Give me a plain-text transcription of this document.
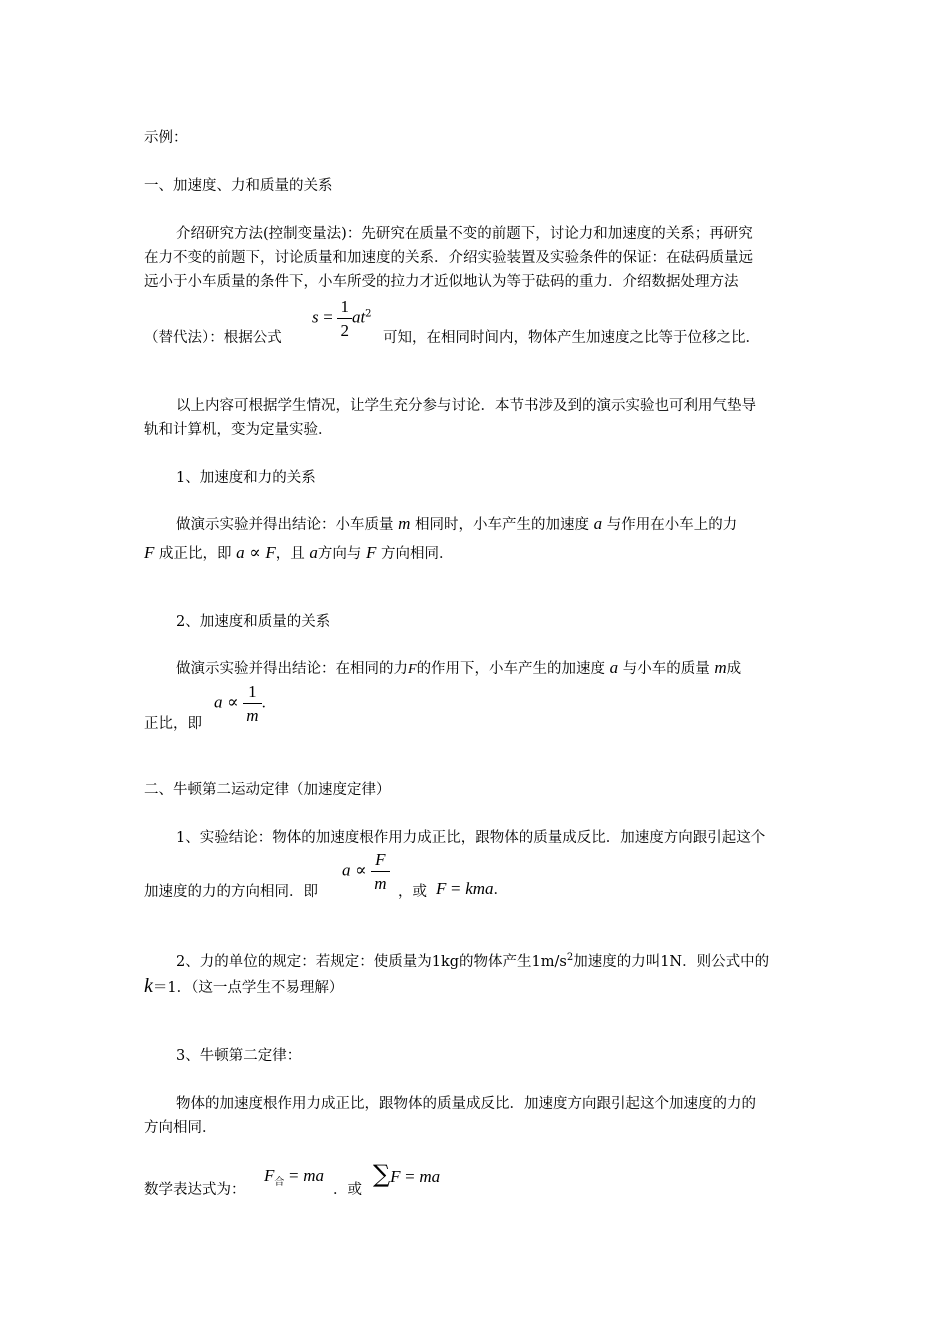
示例：
一、加速度、力和质量的关系
介绍研究方法(控制变量法)：先研究在质量不变的前题下，讨论力和加速度的关系；再研究
在力不变的前题下，讨论质量和加速度的关系．介绍实验装置及实验条件的保证：在砝码质量远
远小于小车质量的条件下，小车所受的拉力才近似地认为等于砝码的重力．介绍数据处理方法
（替代法）：根据公式
$s = \frac{1}{2} at^2$
可知，在相同时间内，物体产生加速度之比等于位移之比．
以上内容可根据学生情况，让学生充分参与讨论．本节书涉及到的演示实验也可利用气垫导
轨和计算机，变为定量实验．
1、加速度和力的关系
做演示实验并得出结论：小车质量 m 相同时，小车产生的加速度 a 与作用在小车上的力
F 成正比，即 a ∝ F，且 a方向与 F 方向相同．
2、加速度和质量的关系
做演示实验并得出结论：在相同的力F的作用下，小车产生的加速度 a 与小车的质量 m成
正比，即
$a \propto \frac{1}{m}$ ．
二、牛顿第二运动定律（加速度定律）
1、实验结论：物体的加速度根作用力成正比，跟物体的质量成反比．加速度方向跟引起这个
加速度的力的方向相同．即
$a \propto \frac{F}{m}$ ，或 F = kma．
2、力的单位的规定：若规定：使质量为1kg的物体产生$1m/s^2$加速度的力叫1N．则公式中的
k＝1．（这一点学生不易理解）
3、牛顿第二定律：
物体的加速度根作用力成正比，跟物体的质量成反比．加速度方向跟引起这个加速度的力的
方向相同．
数学表达式为：
$F_合$ = ma
．或
∑F = ma
